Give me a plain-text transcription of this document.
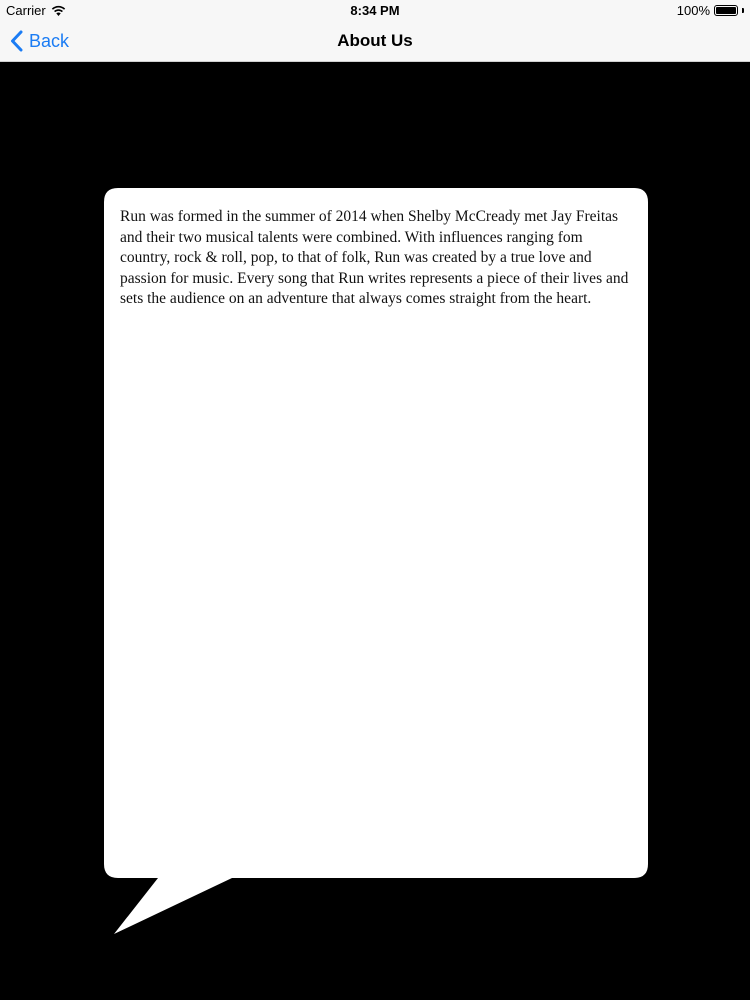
Carrier	8:34 PM	100%
Back	About Us

Run was formed in the summer of 2014 when Shelby McCready met Jay Freitas and their two musical talents were combined. With influences ranging fom country, rock & roll, pop, to that of folk, Run was created by a true love and passion for music. Every song that Run writes represents a piece of their lives and sets the audience on an adventure that always comes straight from the heart.
